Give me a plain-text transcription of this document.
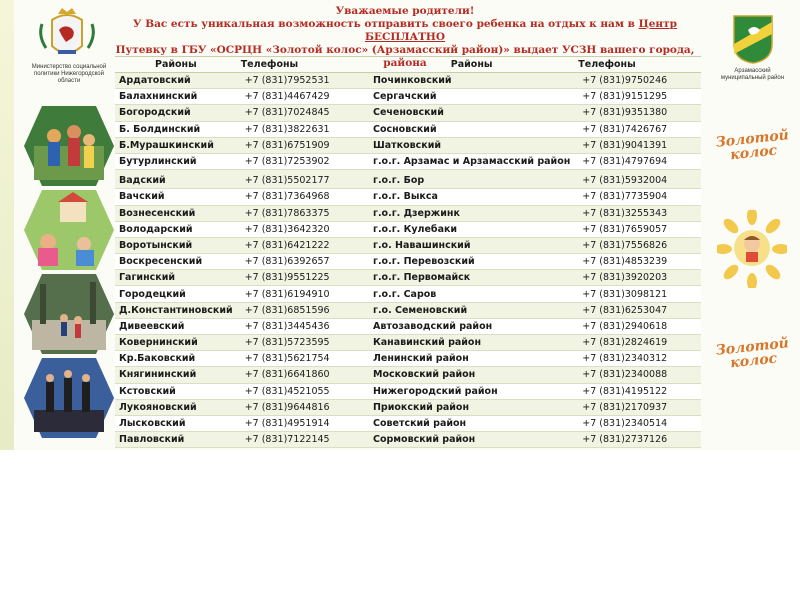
Министерство социальной политики Нижегородской области
Уважаемые родители!
У Вас есть уникальная возможность отправить своего ребенка на отдых к нам в Центр БЕСПЛАТНО
Путевку в ГБУ «ОСРЦН «Золотой колос» (Арзамасский район)» выдает УСЗН вашего города, района
Районы	Телефоны	Районы	Телефоны
Ардатовский	+7 (831)7952531	Починковский	+7 (831)9750246
Балахнинский	+7 (831)4467429	Сергачский	+7 (831)9151295
Богородский	+7 (831)7024845	Сеченовский	+7 (831)9351380
Б. Болдинский	+7 (831)3822631	Сосновский	+7 (831)7426767
Б.Мурашкинский	+7 (831)6751909	Шатковский	+7 (831)9041391
Бутурлинский	+7 (831)7253902	г.о.г. Арзамас и Арзамасский район	+7 (831)4797694
Вадский	+7 (831)5502177	г.о.г. Бор	+7 (831)5932004
Вачский	+7 (831)7364968	г.о.г. Выкса	+7 (831)7735904
Вознесенский	+7 (831)7863375	г.о.г. Дзержинк	+7 (831)3255343
Володарский	+7 (831)3642320	г.о.г. Кулебаки	+7 (831)7659057
Воротынский	+7 (831)6421222	г.о. Навашинский	+7 (831)7556826
Воскресенский	+7 (831)6392657	г.о.г. Перевозский	+7 (831)4853239
Гагинский	+7 (831)9551225	г.о.г. Первомайск	+7 (831)3920203
Городецкий	+7 (831)6194910	г.о.г. Саров	+7 (831)3098121
Д.Константиновский	+7 (831)6851596	г.о. Семеновский	+7 (831)6253047
Дивеевский	+7 (831)3445436	Автозаводский район	+7 (831)2940618
Ковернинский	+7 (831)5723595	Канавинский район	+7 (831)2824619
Кр.Баковский	+7 (831)5621754	Ленинский район	+7 (831)2340312
Княгининский	+7 (831)6641860	Московский район	+7 (831)2340088
Кстовский	+7 (831)4521055	Нижегородский район	+7 (831)4195122
Лукояновский	+7 (831)9644816	Приокский район	+7 (831)2170937
Лысковский	+7 (831)4951914	Советский район	+7 (831)2340514
Павловский	+7 (831)7122145	Сормовский район	+7 (831)2737126
Арзамасский муниципальный район
Золотой колос
Золотой колос
